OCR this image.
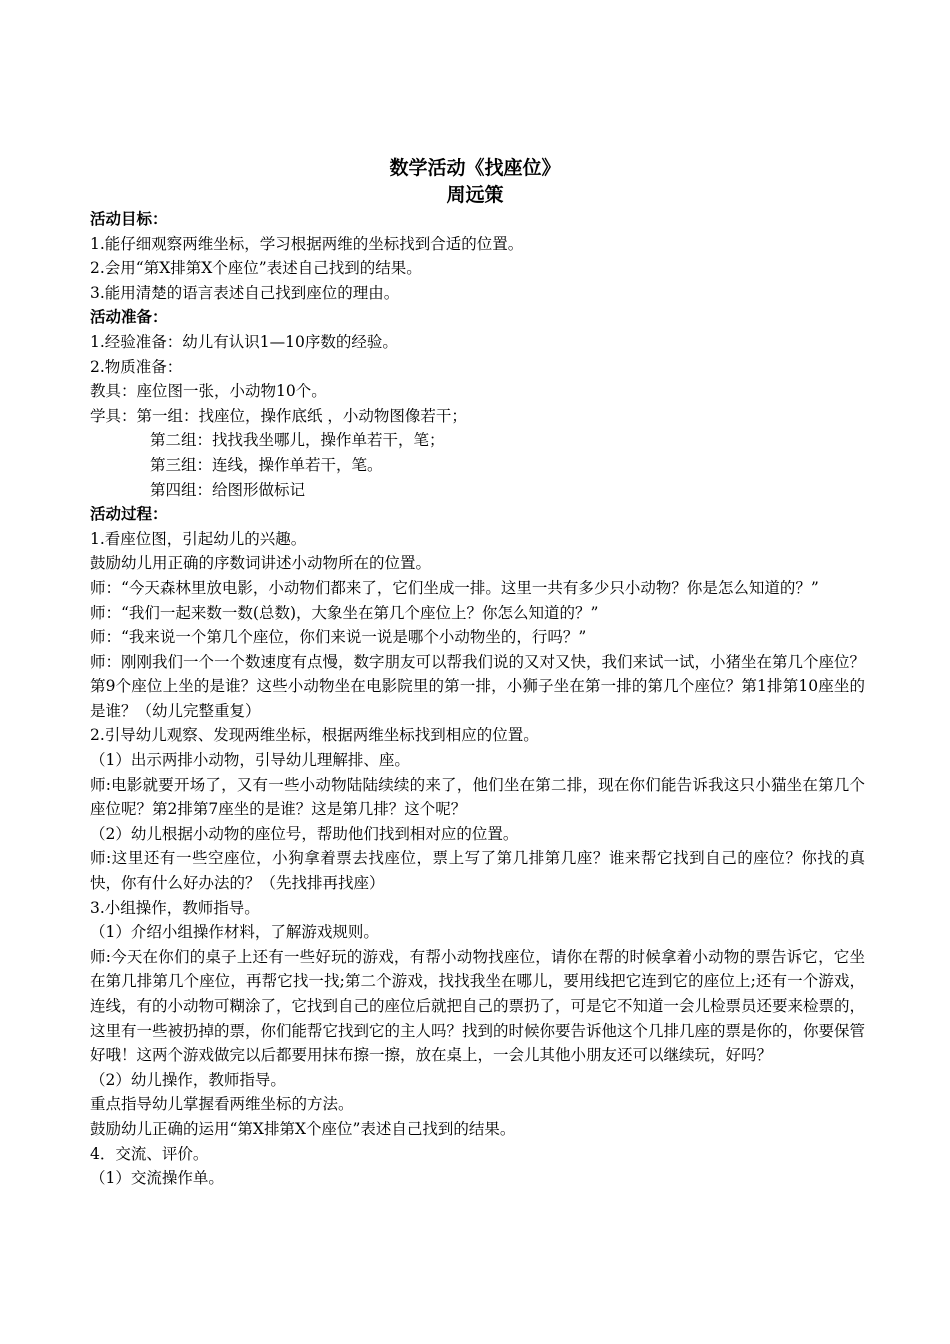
数学活动《找座位》
周远策

活动目标：

1.能仔细观察两维坐标，学习根据两维的坐标找到合适的位置。

2.会用“第X排第X个座位”表述自己找到的结果。

3.能用清楚的语言表述自己找到座位的理由。

活动准备：

1.经验准备：幼儿有认识1—10序数的经验。

2.物质准备：

教具：座位图一张，小动物10个。

学具：第一组：找座位，操作底纸 ，小动物图像若干；

第二组：找找我坐哪儿，操作单若干，笔；

第三组：连线，操作单若干，笔。

第四组：给图形做标记

活动过程：

1.看座位图，引起幼儿的兴趣。

鼓励幼儿用正确的序数词讲述小动物所在的位置。

师：“今天森林里放电影，小动物们都来了，它们坐成一排。这里一共有多少只小动物？你是怎么知道的？”

师：“我们一起来数一数(总数)，大象坐在第几个座位上？你怎么知道的？”

师：“我来说一个第几个座位，你们来说一说是哪个小动物坐的，行吗？”

师：刚刚我们一个一个数速度有点慢，数字朋友可以帮我们说的又对又快，我们来试一试，小猪坐在第几个座位？第9个座位上坐的是谁？这些小动物坐在电影院里的第一排，小狮子坐在第一排的第几个座位？第1排第10座坐的是谁？（幼儿完整重复）

2.引导幼儿观察、发现两维坐标，根据两维坐标找到相应的位置。

（1）出示两排小动物，引导幼儿理解排、座。

师:电影就要开场了，又有一些小动物陆陆续续的来了，他们坐在第二排，现在你们能告诉我这只小猫坐在第几个座位呢？第2排第7座坐的是谁？这是第几排？这个呢？

（2）幼儿根据小动物的座位号，帮助他们找到相对应的位置。

师:这里还有一些空座位，小狗拿着票去找座位，票上写了第几排第几座？谁来帮它找到自己的座位？你找的真快，你有什么好办法的？（先找排再找座）

3.小组操作，教师指导。

（1）介绍小组操作材料，了解游戏规则。

师:今天在你们的桌子上还有一些好玩的游戏，有帮小动物找座位，请你在帮的时候拿着小动物的票告诉它，它坐在第几排第几个座位，再帮它找一找;第二个游戏，找找我坐在哪儿，要用线把它连到它的座位上;还有一个游戏，连线，有的小动物可糊涂了，它找到自己的座位后就把自己的票扔了，可是它不知道一会儿检票员还要来检票的，这里有一些被扔掉的票，你们能帮它找到它的主人吗？找到的时候你要告诉他这个几排几座的票是你的，你要保管好哦！这两个游戏做完以后都要用抹布擦一擦，放在桌上，一会儿其他小朋友还可以继续玩，好吗？

（2）幼儿操作，教师指导。

重点指导幼儿掌握看两维坐标的方法。

鼓励幼儿正确的运用“第X排第X个座位”表述自己找到的结果。

4．交流、评价。

（1）交流操作单。
